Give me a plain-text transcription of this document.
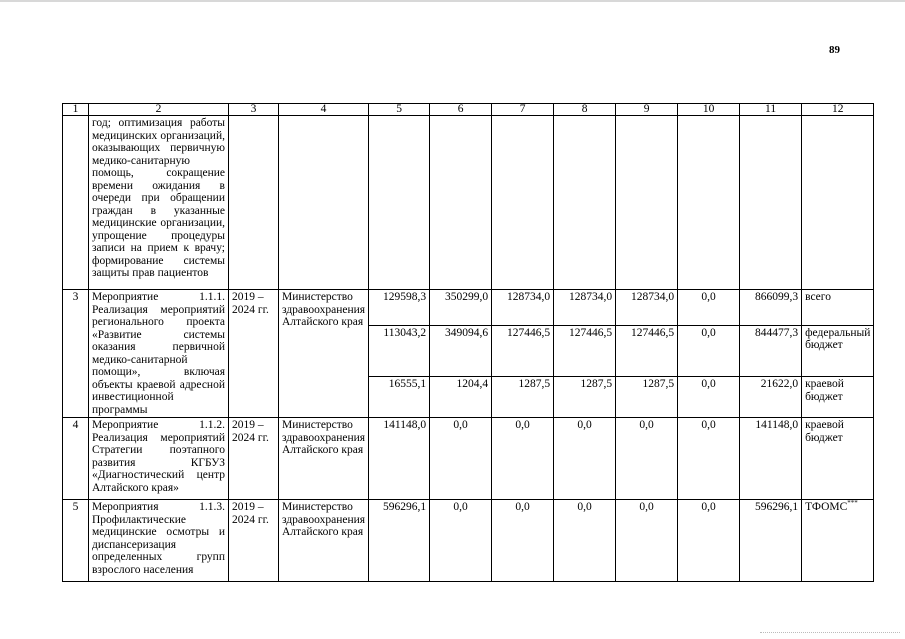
89
1	2	3	4	5	6	7	8	9	10	11	12
	год; оптимизация работы медицинских организаций, оказывающих первичную медико-санитарную помощь, сокращение времени ожидания в очереди при обращении граждан в указанные медицинские организации, упрощение процедуры записи на прием к врачу; формирование системы защиты прав пациентов										
3	Мероприятие 1.1.1. Реализация мероприятий регионального проекта «Развитие системы оказания первичной медико-санитарной помощи», включая объекты краевой адресной инвестиционной программы	2019 – 2024 гг.	Министерство здравоохранения Алтайского края	129598,3	350299,0	128734,0	128734,0	128734,0	0,0	866099,3	всего
				113043,2	349094,6	127446,5	127446,5	127446,5	0,0	844477,3	федеральный бюджет
				16555,1	1204,4	1287,5	1287,5	1287,5	0,0	21622,0	краевой бюджет
4	Мероприятие 1.1.2. Реализация мероприятий Стратегии поэтапного развития КГБУЗ «Диагностический центр Алтайского края»	2019 – 2024 гг.	Министерство здравоохранения Алтайского края	141148,0	0,0	0,0	0,0	0,0	0,0	141148,0	краевой бюджет
5	Мероприятия 1.1.3. Профилактические медицинские осмотры и диспансеризация определенных групп взрослого населения	2019 – 2024 гг.	Министерство здравоохранения Алтайского края	596296,1	0,0	0,0	0,0	0,0	0,0	596296,1	ТФОМС***
